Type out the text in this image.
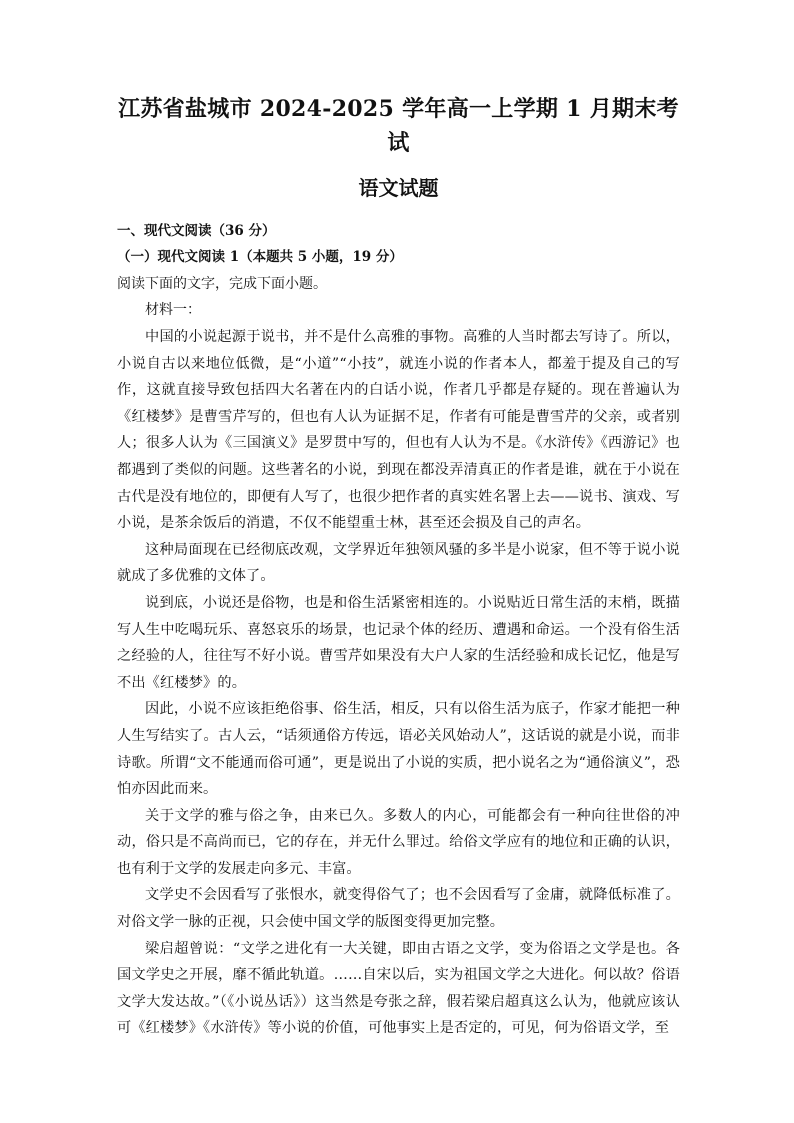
江苏省盐城市 2024-2025 学年高一上学期 1 月期末考试
语文试题
一、现代文阅读（36 分）
（一）现代文阅读 1（本题共 5 小题，19 分）
阅读下面的文字，完成下面小题。
材料一：

中国的小说起源于说书，并不是什么高雅的事物。高雅的人当时都去写诗了。所以，小说自古以来地位低微，是“小道”“小技”，就连小说的作者本人，都羞于提及自己的写作，这就直接导致包括四大名著在内的白话小说，作者几乎都是存疑的。现在普遍认为《红楼梦》是曹雪芹写的，但也有人认为证据不足，作者有可能是曹雪芹的父亲，或者别人；很多人认为《三国演义》是罗贯中写的，但也有人认为不是。《水浒传》《西游记》也都遇到了类似的问题。这些著名的小说，到现在都没弄清真正的作者是谁，就在于小说在古代是没有地位的，即便有人写了，也很少把作者的真实姓名署上去——说书、演戏、写小说，是茶余饭后的消遣，不仅不能望重士林，甚至还会损及自己的声名。

这种局面现在已经彻底改观，文学界近年独领风骚的多半是小说家，但不等于说小说就成了多优雅的文体了。

说到底，小说还是俗物，也是和俗生活紧密相连的。小说贴近日常生活的末梢，既描写人生中吃喝玩乐、喜怒哀乐的场景，也记录个体的经历、遭遇和命运。一个没有俗生活之经验的人，往往写不好小说。曹雪芹如果没有大户人家的生活经验和成长记忆，他是写不出《红楼梦》的。

因此，小说不应该拒绝俗事、俗生活，相反，只有以俗生活为底子，作家才能把一种人生写结实了。古人云，“话须通俗方传远，语必关风始动人”，这话说的就是小说，而非诗歌。所谓“文不能通而俗可通”，更是说出了小说的实质，把小说名之为“通俗演义”，恐怕亦因此而来。

关于文学的雅与俗之争，由来已久。多数人的内心，可能都会有一种向往世俗的冲动，俗只是不高尚而已，它的存在，并无什么罪过。给俗文学应有的地位和正确的认识，也有利于文学的发展走向多元、丰富。

文学史不会因看写了张恨水，就变得俗气了；也不会因看写了金庸，就降低标准了。对俗文学一脉的正视，只会使中国文学的版图变得更加完整。

梁启超曾说：“文学之进化有一大关键，即由古语之文学，变为俗语之文学是也。各国文学史之开展，靡不循此轨道。……自宋以后，实为祖国文学之大进化。何以故？俗语文学大发达故。”（《小说丛话》）这当然是夸张之辞，假若梁启超真这么认为，他就应该认可《红楼梦》《水浒传》等小说的价值，可他事实上是否定的，可见，何为俗语文学，至
